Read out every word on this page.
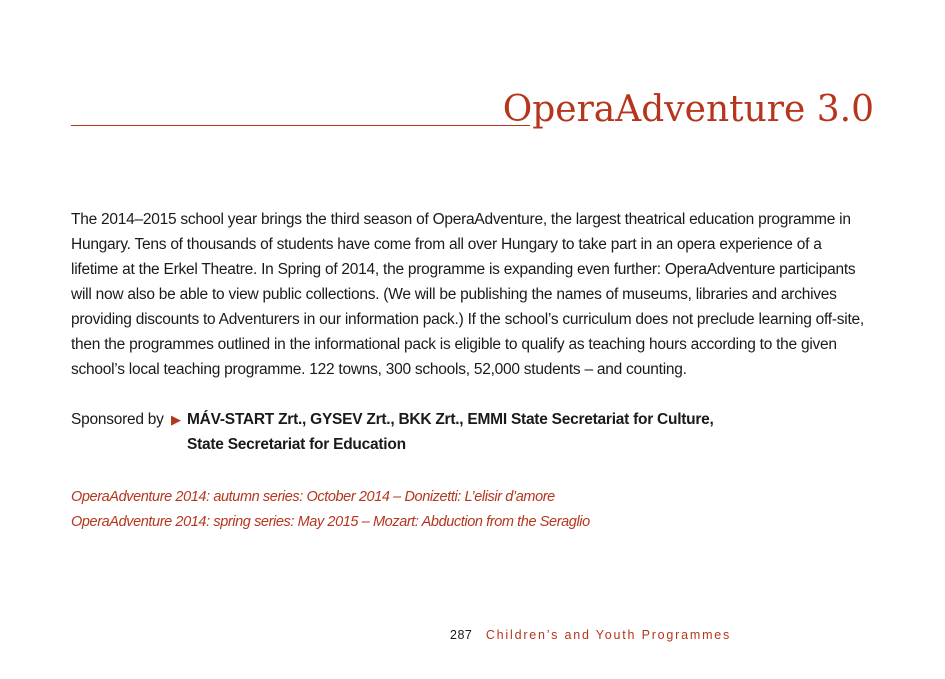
OperaAdventure 3.0

The 2014–2015 school year brings the third season of OperaAdventure, the largest theatrical education programme in Hungary. Tens of thousands of students have come from all over Hungary to take part in an opera experience of a lifetime at the Erkel Theatre. In Spring of 2014, the programme is expanding even further: OperaAdventure participants will now also be able to view public collections. (We will be publishing the names of museums, libraries and archives providing discounts to Adventurers in our information pack.) If the school’s curriculum does not preclude learning off-site, then the programmes outlined in the informational pack is eligible to qualify as teaching hours according to the given school’s local teaching programme. 122 towns, 300 schools, 52,000 students – and counting.

Sponsored by ▶ MÁV-START Zrt., GYSEV Zrt., BKK Zrt., EMMI State Secretariat for Culture, State Secretariat for Education
OperaAdventure 2014: autumn series: October 2014 – Donizetti: L’elisir d’amore
OperaAdventure 2014: spring series: May 2015 – Mozart: Abduction from the Seraglio
287 Children’s and Youth Programmes
